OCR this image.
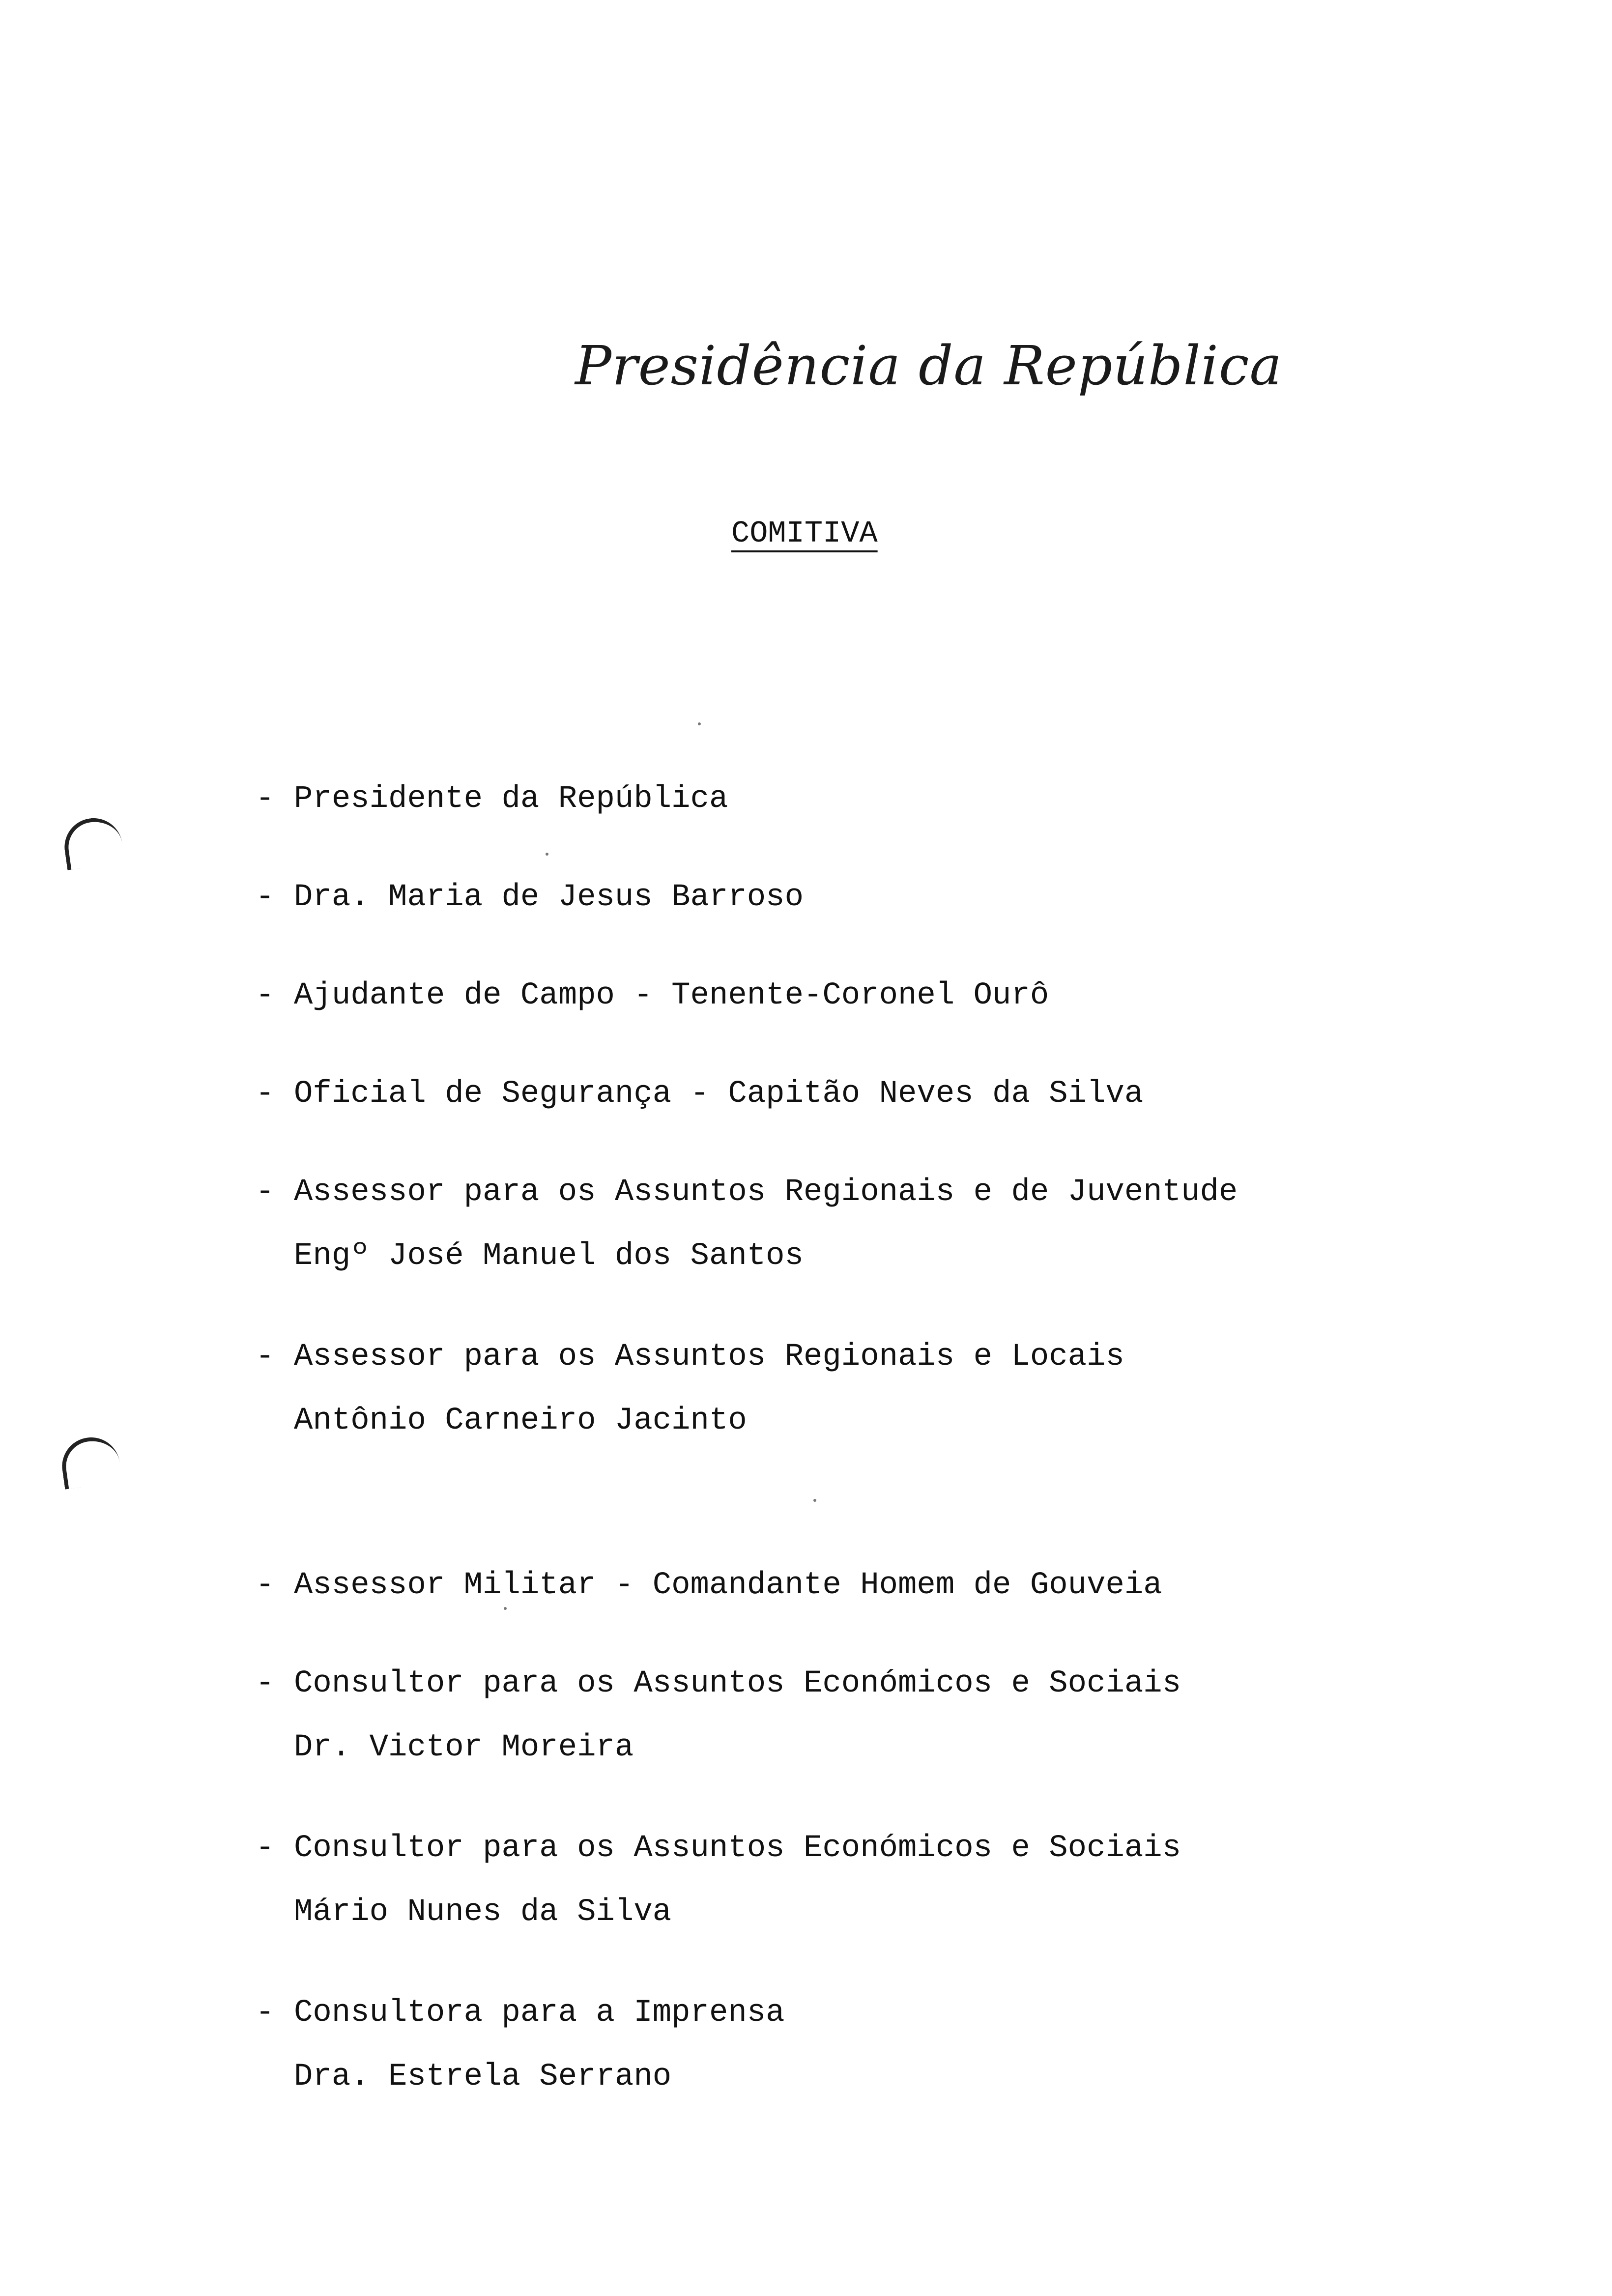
Presidência da República
COMITIVA
- Presidente da República
- Dra. Maria de Jesus Barroso
- Ajudante de Campo - Tenente-Coronel Ourô
- Oficial de Segurança - Capitão Neves da Silva
- Assessor para os Assuntos Regionais e de Juventude
Engº José Manuel dos Santos
- Assessor para os Assuntos Regionais e Locais
Antônio Carneiro Jacinto
- Assessor Militar - Comandante Homem de Gouveia
- Consultor para os Assuntos Económicos e Sociais
Dr. Victor Moreira
- Consultor para os Assuntos Económicos e Sociais
Mário Nunes da Silva
- Consultora para a Imprensa
Dra. Estrela Serrano
